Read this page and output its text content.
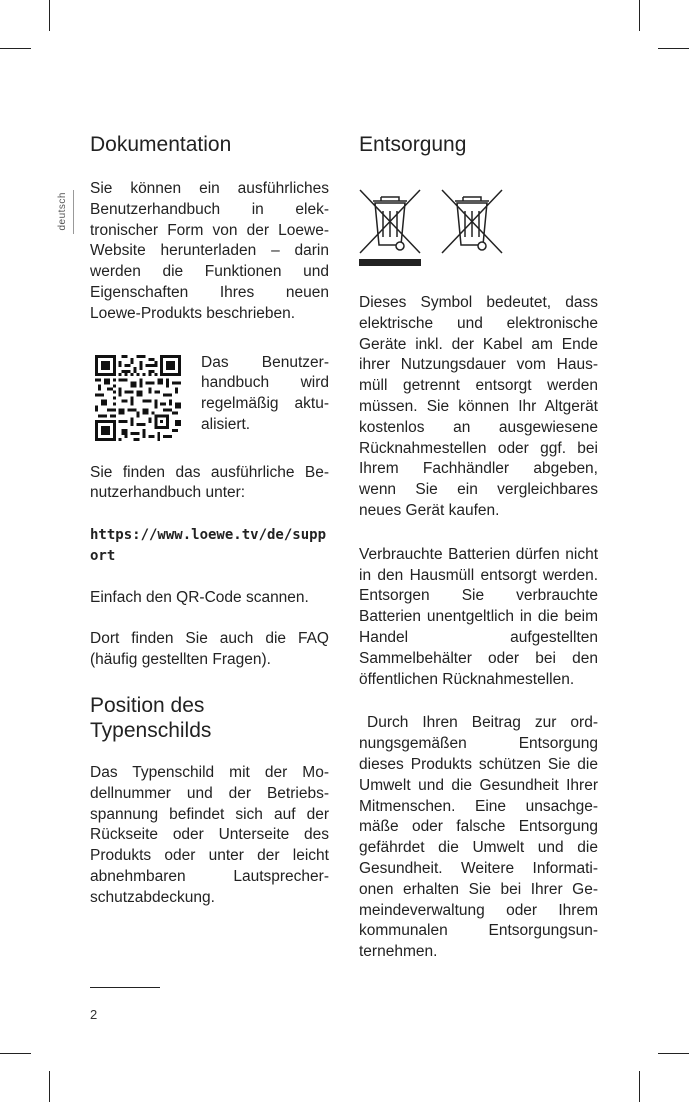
deutsch
Dokumentation

Sie können ein ausführliches Benutzerhandbuch in elektronischer Form von der Loewe-Website herunterladen – darin werden die Funktionen und Eigenschaften Ihres neuen Loewe-Produkts beschrieben.

Das Benutzerhandbuch wird regelmäßig aktualisiert.

Sie finden das ausführliche Benutzerhandbuch unter:

https://www.loewe.tv/de/support

Einfach den QR-Code scannen.

Dort finden Sie auch die FAQ (häufig gestellten Fragen).

Position des Typenschilds

Das Typenschild mit der Modellnummer und der Betriebsspannung befindet sich auf der Rückseite oder Unterseite des Produkts oder unter der leicht abnehmbaren Lautsprecherschutzabdeckung.

Entsorgung

Dieses Symbol bedeutet, dass elektrische und elektronische Geräte inkl. der Kabel am Ende ihrer Nutzungsdauer vom Hausmüll getrennt entsorgt werden müssen. Sie können Ihr Altgerät kostenlos an ausgewiesene Rücknahmestellen oder ggf. bei Ihrem Fachhändler abgeben, wenn Sie ein vergleichbares neues Gerät kaufen.

Verbrauchte Batterien dürfen nicht in den Hausmüll entsorgt werden. Entsorgen Sie verbrauchte Batterien unentgeltlich in die beim Handel aufgestellten Sammelbehälter oder bei den öffentlichen Rücknahmestellen.

Durch Ihren Beitrag zur ordnungsgemäßen Entsorgung dieses Produkts schützen Sie die Umwelt und die Gesundheit Ihrer Mitmenschen. Eine unsachgemäße oder falsche Entsorgung gefährdet die Umwelt und die Gesundheit. Weitere Informationen erhalten Sie bei Ihrer Gemeindeverwaltung oder Ihrem kommunalen Entsorgungsunternehmen.

2
